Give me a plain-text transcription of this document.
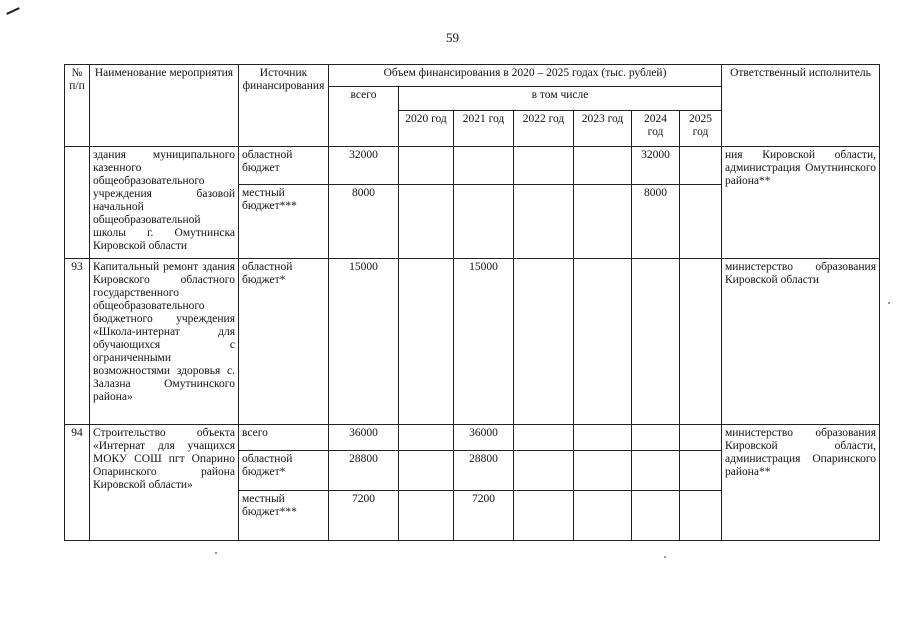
59
№ п/п	Наименование мероприятия	Источник финансирования	Объем финансирования в 2020 – 2025 годах (тыс. рублей)							Ответственный исполнитель
			всего	в том числе						
				2020 год	2021 год	2022 год	2023 год	2024 год	2025 год	
	здания муниципального казенного общеобразовательного учреждения базовой начальной общеобразовательной школы г. Омутнинска Кировской области	областной бюджет	32000					32000		ния Кировской области, администрация Омутнинского района**
		местный бюджет***	8000					8000		
93	Капитальный ремонт здания Кировского областного государственного общеобразовательного бюджетного учреждения «Школа-интернат для обучающихся с ограниченными возможностями здоровья с. Залазна Омутнинского района»	областной бюджет*	15000		15000					министерство образования Кировской области
94	Строительство объекта «Интернат для учащихся МОКУ СОШ пгт Опарино Опаринского района Кировской области»	всего	36000		36000					министерство образования Кировской области, администрация Опаринского района**
		областной бюджет*	28800		28800					
		местный бюджет***	7200		7200					
